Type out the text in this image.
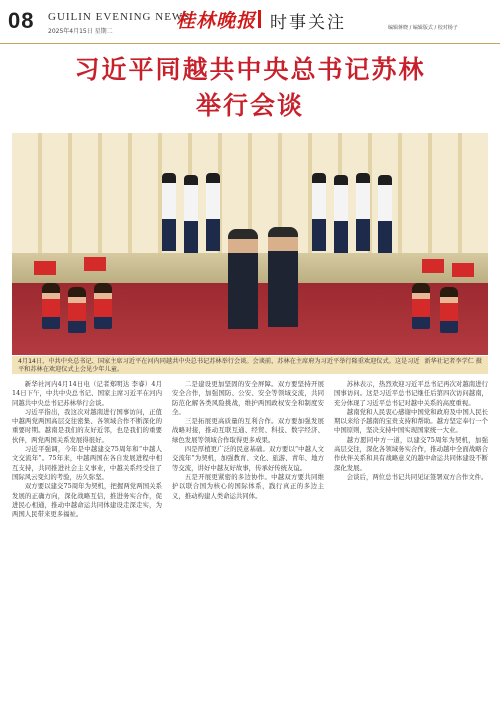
08 GUILIN EVENING NEWS
2025年4月15日 星期二	桂林晚报 时事关注	编辑蒋晓 / 编辑版式 / 校对杨子
习近平同越共中央总书记苏林
举行会谈
新华社记者李学仁 摄
4月14日，中共中央总书记、国家主席习近平在河内同越共中央总书记苏林举行会谈。会谈前，苏林在主席府为习近平举行隆重欢迎仪式。这是习近平和苏林在欢迎仪式上会见少年儿童。

新华社河内4月14日电（记者郑明达 李睿）4月14日下午，中共中央总书记、国家主席习近平在河内同越共中央总书记苏林举行会谈。

习近平指出，我这次对越南进行国事访问，正值中越两党两国高层交往密集、各领域合作不断深化的重要时期。越南是我们的友好近邻，也是我们的重要伙伴，两党两国关系发展得很好。

习近平强调，今年是中越建交75周年和“中越人文交流年”。75年来，中越两国在各自发展进程中相互支持，共同推进社会主义事业，中越关系经受住了国际风云变幻的考验，历久弥坚。

双方要以建交75周年为契机，把握两党两国关系发展的正确方向，深化战略互信，推进务实合作，促进民心相通，推动中越命运共同体建设走深走实，为两国人民带来更多福祉。

二是建设更加坚固的安全屏障。双方要坚持开展安全合作，加强国防、公安、安全等领域交流，共同防范化解各类风险挑战，维护两国政权安全和制度安全。

三是拓展更高质量的互利合作。双方要加强发展战略对接，推动互联互通、经贸、科技、数字经济、绿色发展等领域合作取得更多成果。

四是厚植更广泛的民意基础。双方要以“中越人文交流年”为契机，加强教育、文化、旅游、青年、地方等交流，讲好中越友好故事，传承好传统友谊。

五是开展更紧密的多边协作。中越双方要共同维护以联合国为核心的国际体系，践行真正的多边主义，推动构建人类命运共同体。

苏林表示，热烈欢迎习近平总书记再次对越南进行国事访问。这是习近平总书记继任后第四次访问越南，充分体现了习近平总书记对越中关系的高度重视。

越南党和人民衷心感谢中国党和政府及中国人民长期以来给予越南的宝贵支持和帮助。越方坚定奉行一个中国原则，坚决支持中国实现国家统一大业。

越方愿同中方一道，以建交75周年为契机，加强高层交往，深化各领域务实合作，推动越中全面战略合作伙伴关系和具有战略意义的越中命运共同体建设不断深化发展。

会谈后，两位总书记共同见证签署双方合作文件。
